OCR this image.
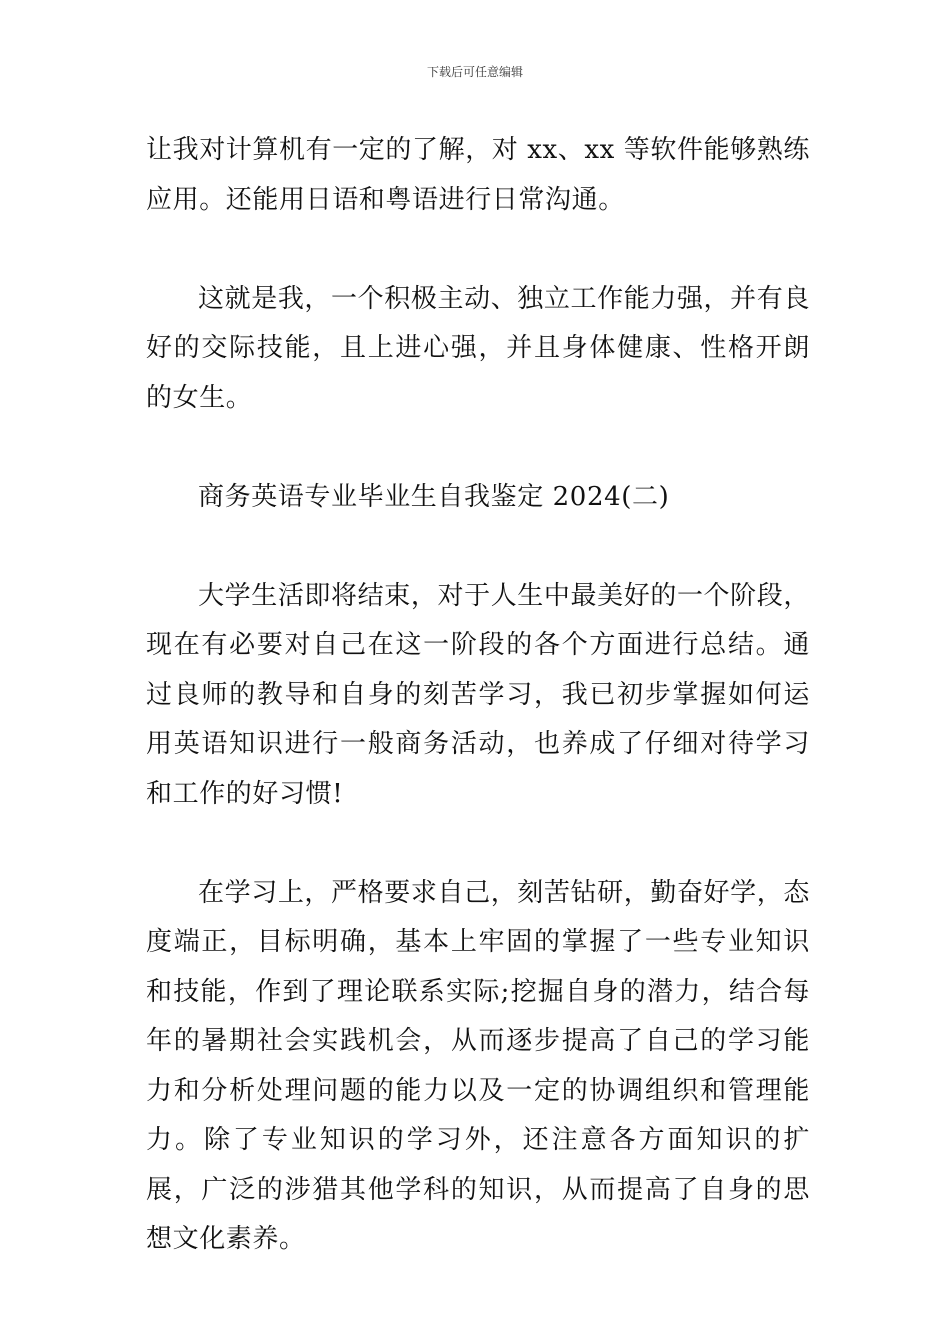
下载后可任意编辑

让我对计算机有一定的了解，对 xx、xx 等软件能够熟练应用。还能用日语和粤语进行日常沟通。

这就是我，一个积极主动、独立工作能力强，并有良好的交际技能，且上进心强，并且身体健康、性格开朗的女生。

商务英语专业毕业生自我鉴定 2024(二)

大学生活即将结束，对于人生中最美好的一个阶段，现在有必要对自己在这一阶段的各个方面进行总结。通过良师的教导和自身的刻苦学习，我已初步掌握如何运用英语知识进行一般商务活动，也养成了仔细对待学习和工作的好习惯!

在学习上，严格要求自己，刻苦钻研，勤奋好学，态度端正，目标明确，基本上牢固的掌握了一些专业知识和技能，作到了理论联系实际;挖掘自身的潜力，结合每年的暑期社会实践机会，从而逐步提高了自己的学习能力和分析处理问题的能力以及一定的协调组织和管理能力。除了专业知识的学习外，还注意各方面知识的扩展，广泛的涉猎其他学科的知识，从而提高了自身的思想文化素养。
